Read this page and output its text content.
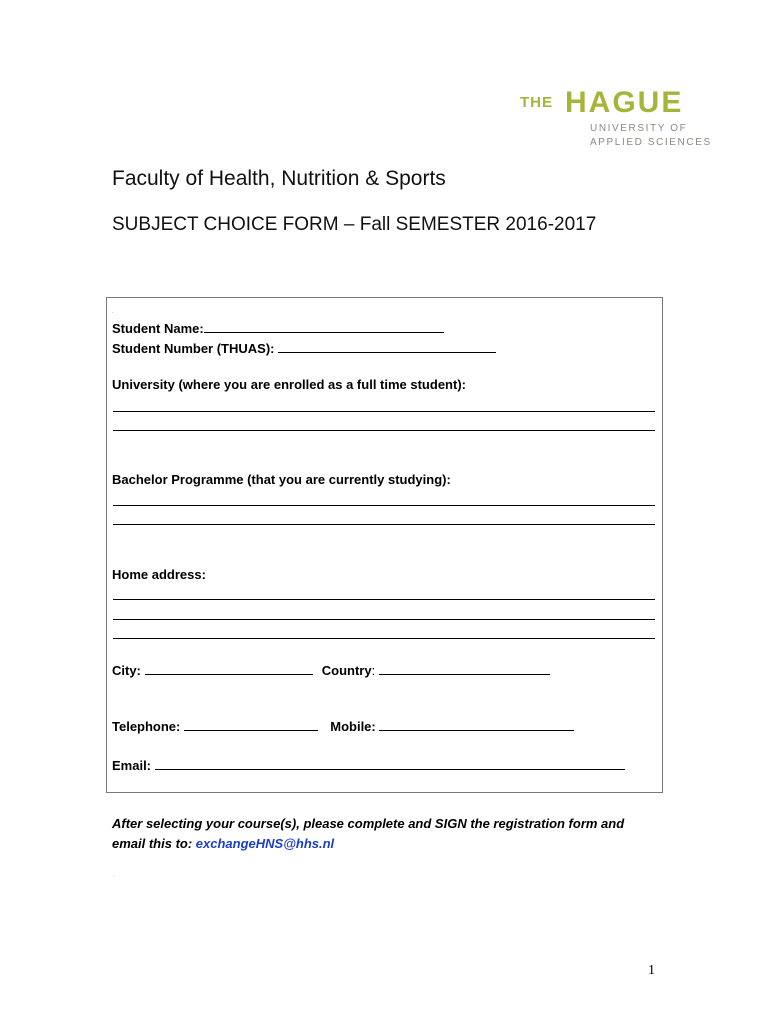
THE HAGUE
UNIVERSITY OF
APPLIED SCIENCES
Faculty of Health, Nutrition & Sports
SUBJECT CHOICE FORM – Fall SEMESTER 2016-2017
.
Student Name:
Student Number (THUAS):
University (where you are enrolled as a full time student):
Bachelor Programme (that you are currently studying):
Home address:
City:	Country:
Telephone:	Mobile:
Email:
After selecting your course(s), please complete and SIGN the registration form and email this to: exchangeHNS@hhs.nl
.
1
